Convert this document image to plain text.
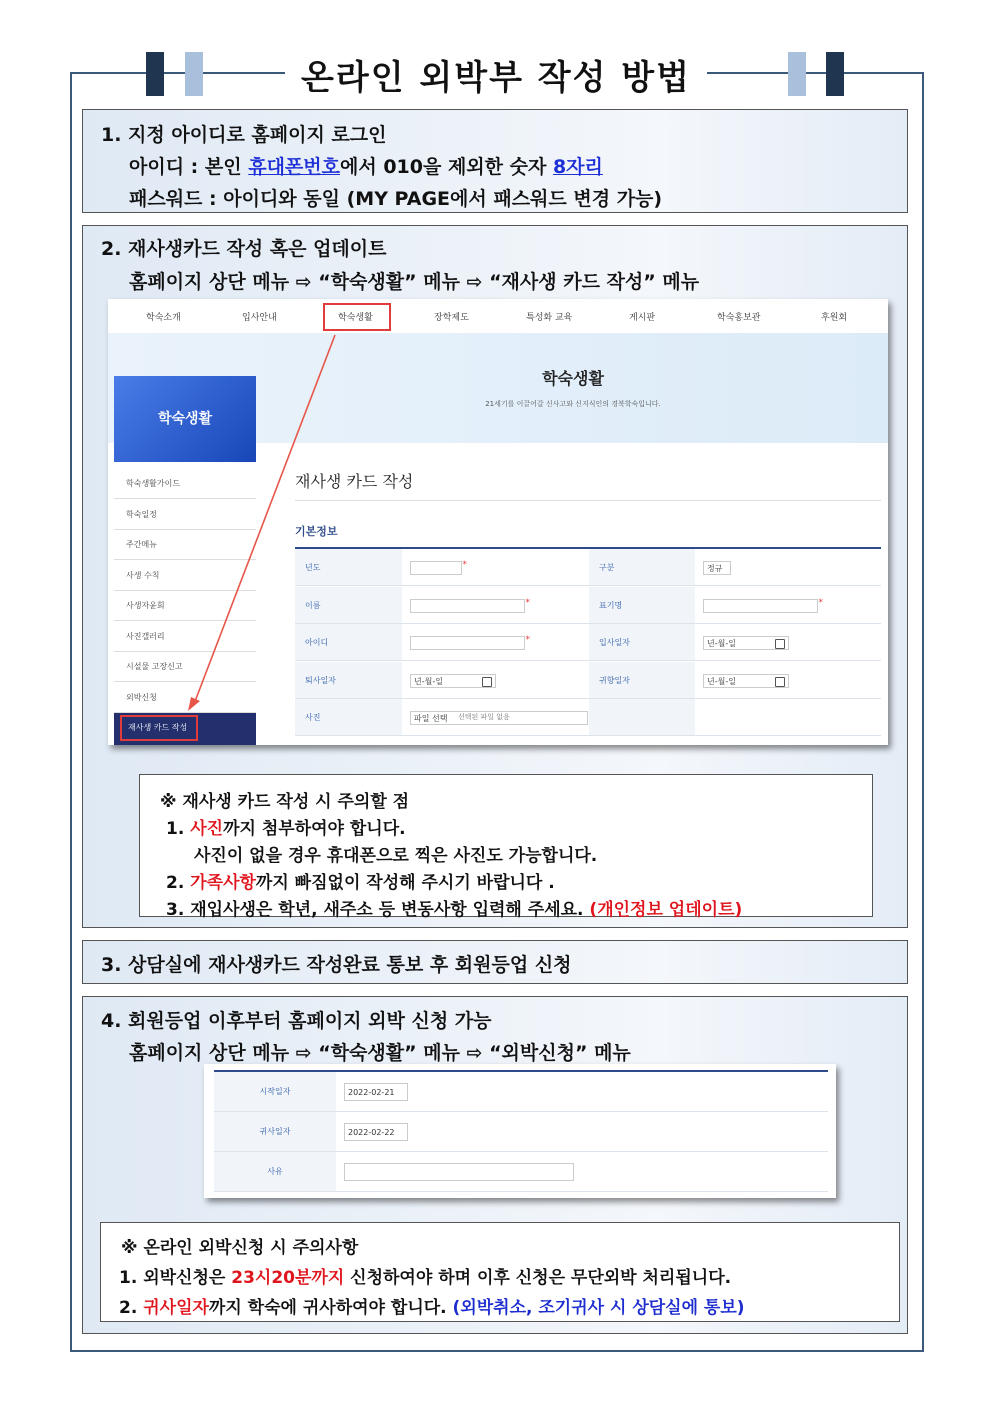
온라인 외박부 작성 방법
1. 지정 아이디로 홈페이지 로그인
아이디 : 본인 휴대폰번호에서 010을 제외한 숫자 8자리
패스워드 : 아이디와 동일 (MY PAGE에서 패스워드 변경 가능)
2. 재사생카드 작성 혹은 업데이트
홈페이지 상단 메뉴 ⇨ “학숙생활” 메뉴 ⇨ “재사생 카드 작성” 메뉴
학숙소개	입사안내	학숙생활	장학제도	특성화 교육	게시판	학숙홍보관	후원회
학숙생활
21세기를 이끌어갈 신사고와 신지식인의 경북학숙입니다.
학숙생활
학숙생활가이드
학숙일정
주간메뉴
사생 수칙
사생자윤회
사진갤러리
시설물 고장신고
외박신청
재사생 카드 작성
재사생 카드 작성
기본정보
년도	*	구분	정규
이름	*	표기명	*
아이디	*	입사일자	년-월-일
퇴사일자	년-월-일	귀향일자	년-월-일
사진	파일 선택	선택된 파일 없음
※ 재사생 카드 작성 시 주의할 점
1. 사진까지 첨부하여야 합니다.
사진이 없을 경우 휴대폰으로 찍은 사진도 가능합니다.
2. 가족사항까지 빠짐없이 작성해 주시기 바랍니다 .
3. 재입사생은 학년, 새주소 등 변동사항 입력해 주세요. (개인정보 업데이트)
3. 상담실에 재사생카드 작성완료 통보 후 회원등업 신청
4. 회원등업 이후부터 홈페이지 외박 신청 가능
홈페이지 상단 메뉴 ⇨ “학숙생활” 메뉴 ⇨ “외박신청” 메뉴
시작일자	2022-02-21
귀사일자	2022-02-22
사유
※ 온라인 외박신청 시 주의사항
1. 외박신청은 23시20분까지 신청하여야 하며 이후 신청은 무단외박 처리됩니다.
2. 귀사일자까지 학숙에 귀사하여야 합니다. (외박취소, 조기귀사 시 상담실에 통보)
